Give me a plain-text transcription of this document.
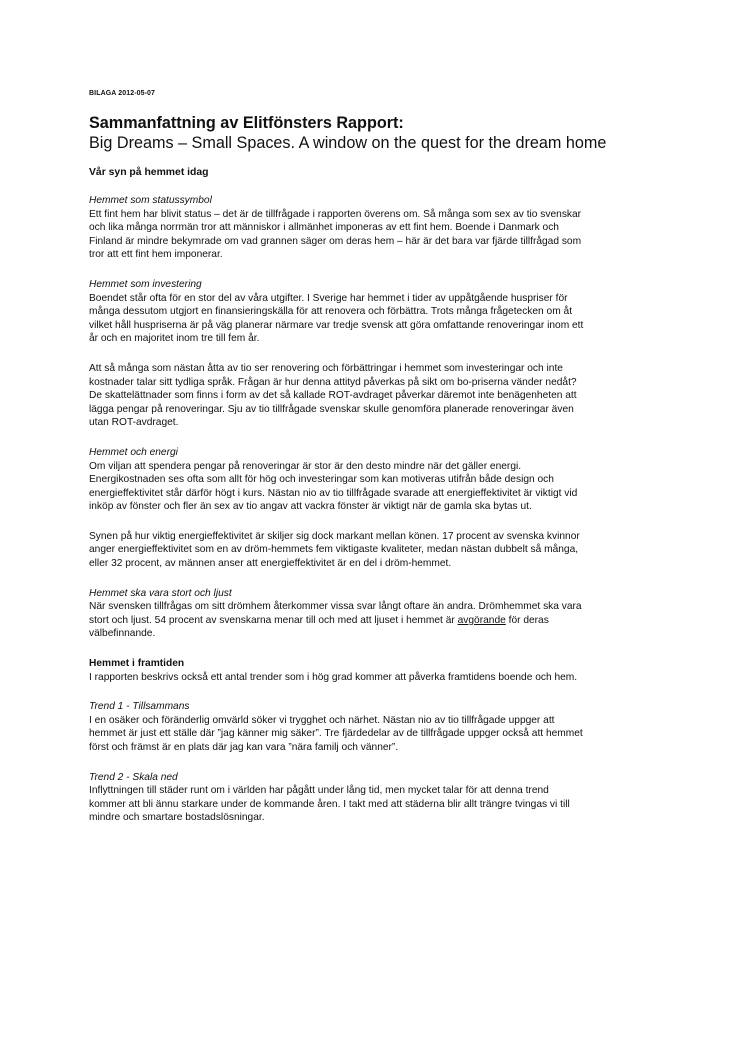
BILAGA 2012-05-07

Sammanfattning av Elitfönsters Rapport:

Big Dreams – Small Spaces. A window on the quest for the dream home

Vår syn på hemmet idag

Hemmet som statussymbol

Ett fint hem har blivit status – det är de tillfrågade i rapporten överens om. Så många som sex av tio svenskar

och lika många norrmän tror att människor i allmänhet imponeras av ett fint hem. Boende i Danmark och

Finland är mindre bekymrade om vad grannen säger om deras hem – här är det bara var fjärde tillfrågad som

tror att ett fint hem imponerar.

Hemmet som investering

Boendet står ofta för en stor del av våra utgifter. I Sverige har hemmet i tider av uppåtgående huspriser för

många dessutom utgjort en finansieringskälla för att renovera och förbättra. Trots många frågetecken om åt

vilket håll huspriserna är på väg planerar närmare var tredje svensk att göra omfattande renoveringar inom ett

år och en majoritet inom tre till fem år.

Att så många som nästan åtta av tio ser renovering och förbättringar i hemmet som investeringar och inte

kostnader talar sitt tydliga språk. Frågan är hur denna attityd påverkas på sikt om bo-priserna vänder nedåt?

De skattelättnader som finns i form av det så kallade ROT-avdraget påverkar däremot inte benägenheten att

lägga pengar på renoveringar. Sju av tio tillfrågade svenskar skulle genomföra planerade renoveringar även

utan ROT-avdraget.

Hemmet och energi

Om viljan att spendera pengar på renoveringar är stor är den desto mindre när det gäller energi.

Energikostnaden ses ofta som allt för hög och investeringar som kan motiveras utifrån både design och

energieffektivitet står därför högt i kurs. Nästan nio av tio tillfrågade svarade att energieffektivitet är viktigt vid

inköp av fönster och fler än sex av tio angav att vackra fönster är viktigt när de gamla ska bytas ut.

Synen på hur viktig energieffektivitet är skiljer sig dock markant mellan könen. 17 procent av svenska kvinnor

anger energieffektivitet som en av dröm-hemmets fem viktigaste kvaliteter, medan nästan dubbelt så många,

eller 32 procent, av männen anser att energieffektivitet är en del i dröm-hemmet.

Hemmet ska vara stort och ljust

När svensken tillfrågas om sitt drömhem återkommer vissa svar långt oftare än andra. Drömhemmet ska vara

stort och ljust. 54 procent av svenskarna menar till och med att ljuset i hemmet är avgörande för deras

välbefinnande.

Hemmet i framtiden

I rapporten beskrivs också ett antal trender som i hög grad kommer att påverka framtidens boende och hem.

Trend 1 - Tillsammans

I en osäker och föränderlig omvärld söker vi trygghet och närhet. Nästan nio av tio tillfrågade uppger att

hemmet är just ett ställe där ”jag känner mig säker”. Tre fjärdedelar av de tillfrågade uppger också att hemmet

först och främst är en plats där jag kan vara ”nära familj och vänner”.

Trend 2 - Skala ned

Inflyttningen till städer runt om i världen har pågått under lång tid, men mycket talar för att denna trend

kommer att bli ännu starkare under de kommande åren. I takt med att städerna blir allt trängre tvingas vi till

mindre och smartare bostadslösningar.
